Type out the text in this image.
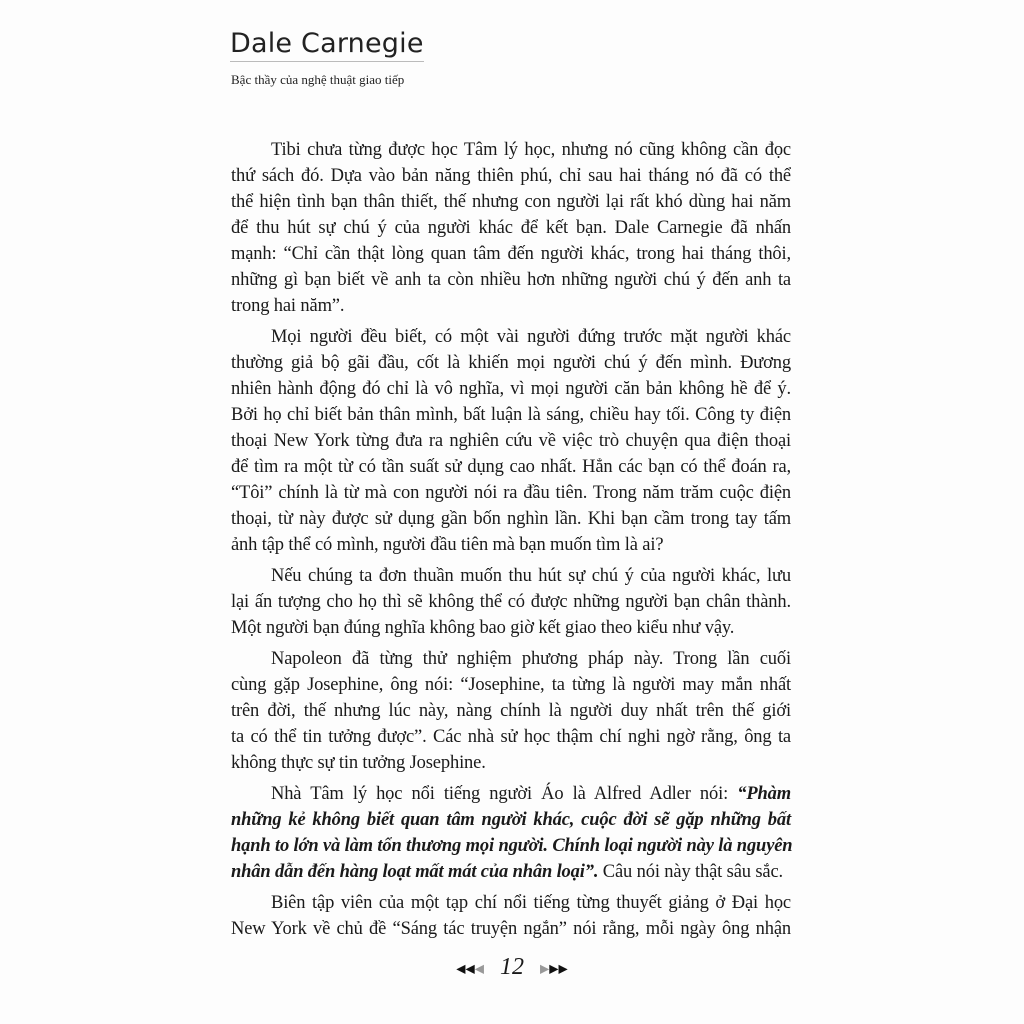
Dale Carnegie
Bậc thầy của nghệ thuật giao tiếp
Tibi chưa từng được học Tâm lý học, nhưng nó cũng không cần đọc
thứ sách đó. Dựa vào bản năng thiên phú, chỉ sau hai tháng nó đã có thể
thể hiện tình bạn thân thiết, thế nhưng con người lại rất khó dùng hai năm
để thu hút sự chú ý của người khác để kết bạn. Dale Carnegie đã nhấn
mạnh: “Chỉ cần thật lòng quan tâm đến người khác, trong hai tháng thôi,
những gì bạn biết về anh ta còn nhiều hơn những người chú ý đến anh ta
trong hai năm”.
Mọi người đều biết, có một vài người đứng trước mặt người khác
thường giả bộ gãi đầu, cốt là khiến mọi người chú ý đến mình. Đương
nhiên hành động đó chỉ là vô nghĩa, vì mọi người căn bản không hề để ý.
Bởi họ chỉ biết bản thân mình, bất luận là sáng, chiều hay tối. Công ty điện
thoại New York từng đưa ra nghiên cứu về việc trò chuyện qua điện thoại
để tìm ra một từ có tần suất sử dụng cao nhất. Hẳn các bạn có thể đoán ra,
“Tôi” chính là từ mà con người nói ra đầu tiên. Trong năm trăm cuộc điện
thoại, từ này được sử dụng gần bốn nghìn lần. Khi bạn cầm trong tay tấm
ảnh tập thể có mình, người đầu tiên mà bạn muốn tìm là ai?
Nếu chúng ta đơn thuần muốn thu hút sự chú ý của người khác, lưu
lại ấn tượng cho họ thì sẽ không thể có được những người bạn chân thành.
Một người bạn đúng nghĩa không bao giờ kết giao theo kiểu như vậy.
Napoleon đã từng thử nghiệm phương pháp này. Trong lần cuối
cùng gặp Josephine, ông nói: “Josephine, ta từng là người may mắn nhất
trên đời, thế nhưng lúc này, nàng chính là người duy nhất trên thế giới
ta có thể tin tưởng được”. Các nhà sử học thậm chí nghi ngờ rằng, ông ta
không thực sự tin tưởng Josephine.
Nhà Tâm lý học nổi tiếng người Áo là Alfred Adler nói: “Phàm
những kẻ không biết quan tâm người khác, cuộc đời sẽ gặp những bất
hạnh to lớn và làm tổn thương mọi người. Chính loại người này là nguyên
nhân dẫn đến hàng loạt mất mát của nhân loại”. Câu nói này thật sâu sắc.
Biên tập viên của một tạp chí nổi tiếng từng thuyết giảng ở Đại học
New York về chủ đề “Sáng tác truyện ngắn” nói rằng, mỗi ngày ông nhận
◀◀◀ 12 ▶▶▶
